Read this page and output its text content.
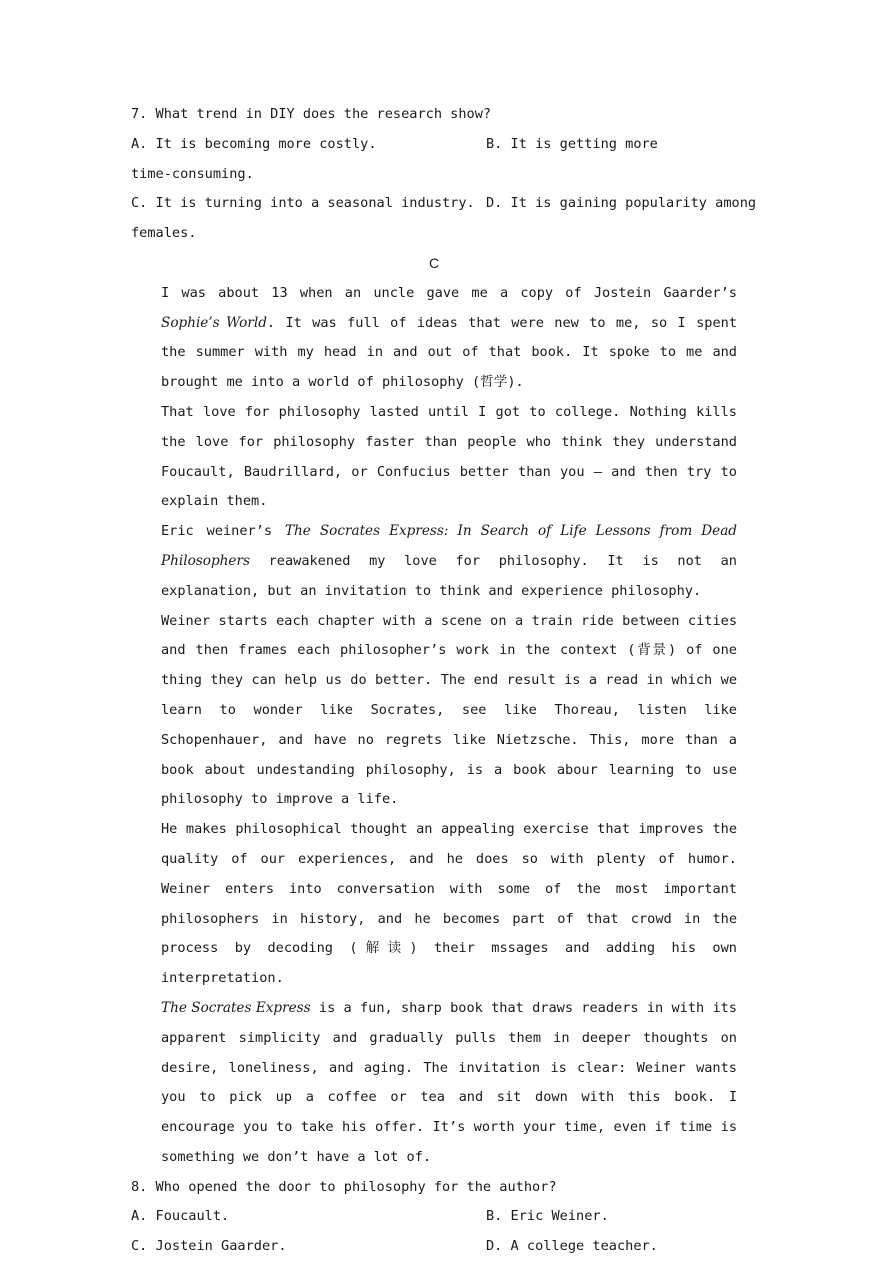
7. What trend in DIY does the research show?
A. It is becoming more costly.	B. It is getting more
time-consuming.
C. It is turning into a seasonal industry. D. It is gaining popularity among
females.
C
I was about 13 when an uncle gave me a copy of Jostein Gaarder’s Sophie’s World. It was full of ideas that were new to me, so I spent the summer with my head in and out of that book. It spoke to me and brought me into a world of philosophy (哲学).
That love for philosophy lasted until I got to college. Nothing kills the love for philosophy faster than people who think they understand Foucault, Baudrillard, or Confucius better than you — and then try to explain them.
Eric weiner’s The Socrates Express: In Search of Life Lessons from Dead Philosophers reawakened my love for philosophy. It is not an explanation, but an invitation to think and experience philosophy.
Weiner starts each chapter with a scene on a train ride between cities and then frames each philosopher’s work in the context (背景) of one thing they can help us do better. The end result is a read in which we learn to wonder like Socrates, see like Thoreau, listen like Schopenhauer, and have no regrets like Nietzsche. This, more than a book about undestanding philosophy, is a book abour learning to use philosophy to improve a life.
He makes philosophical thought an appealing exercise that improves the quality of our experiences, and he does so with plenty of humor. Weiner enters into conversation with some of the most important philosophers in history, and he becomes part of that crowd in the process by decoding (解读) their mssages and adding his own interpretation.
The Socrates Express is a fun, sharp book that draws readers in with its apparent simplicity and gradually pulls them in deeper thoughts on desire, loneliness, and aging. The invitation is clear: Weiner wants you to pick up a coffee or tea and sit down with this book. I encourage you to take his offer. It’s worth your time, even if time is something we don’t have a lot of.
8. Who opened the door to philosophy for the author?
A. Foucault.	B. Eric Weiner.
C. Jostein Gaarder.	D. A college teacher.
